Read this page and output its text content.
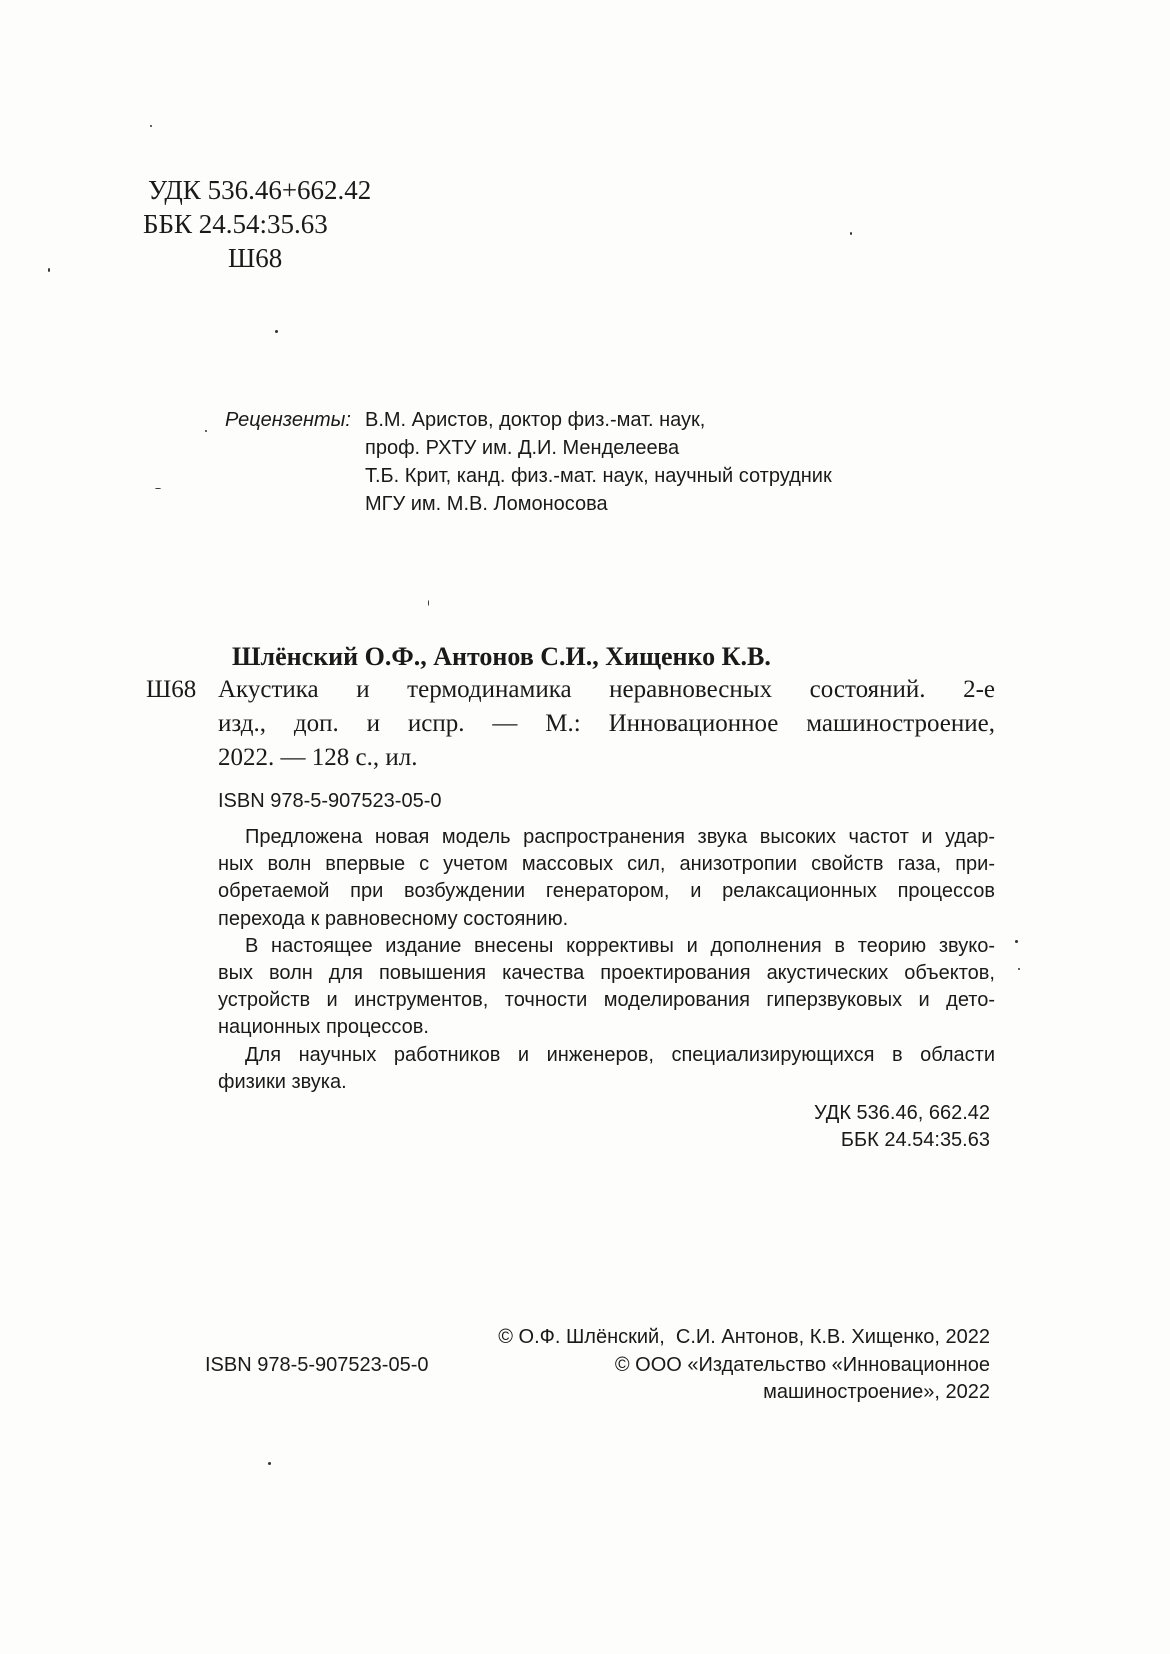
УДК 536.46+662.42
ББК 24.54:35.63
Ш68
Рецензенты: В.М. Аристов, доктор физ.-мат. наук,
проф. РХТУ им. Д.И. Менделеева
Т.Б. Крит, канд. физ.-мат. наук, научный сотрудник
МГУ им. М.В. Ломоносова
Шлёнский О.Ф., Антонов С.И., Хищенко К.В.
Ш68 Акустика и термодинамика неравновесных состояний. 2-е
изд., доп. и испр. — М.: Инновационное машиностроение,
2022. — 128 с., ил.
ISBN 978-5-907523-05-0
Предложена новая модель распространения звука высоких частот и удар-
ных волн впервые с учетом массовых сил, анизотропии свойств газа, при-
обретаемой при возбуждении генератором, и релаксационных процессов
перехода к равновесному состоянию.
В настоящее издание внесены коррективы и дополнения в теорию звуко-
вых волн для повышения качества проектирования акустических объектов,
устройств и инструментов, точности моделирования гиперзвуковых и дето-
национных процессов.
Для научных работников и инженеров, специализирующихся в области
физики звука.
УДК 536.46, 662.42
ББК 24.54:35.63
© О.Ф. Шлёнский,  С.И. Антонов, К.В. Хищенко, 2022
© ООО «Издательство «Инновационное
машиностроение», 2022
ISBN 978-5-907523-05-0
